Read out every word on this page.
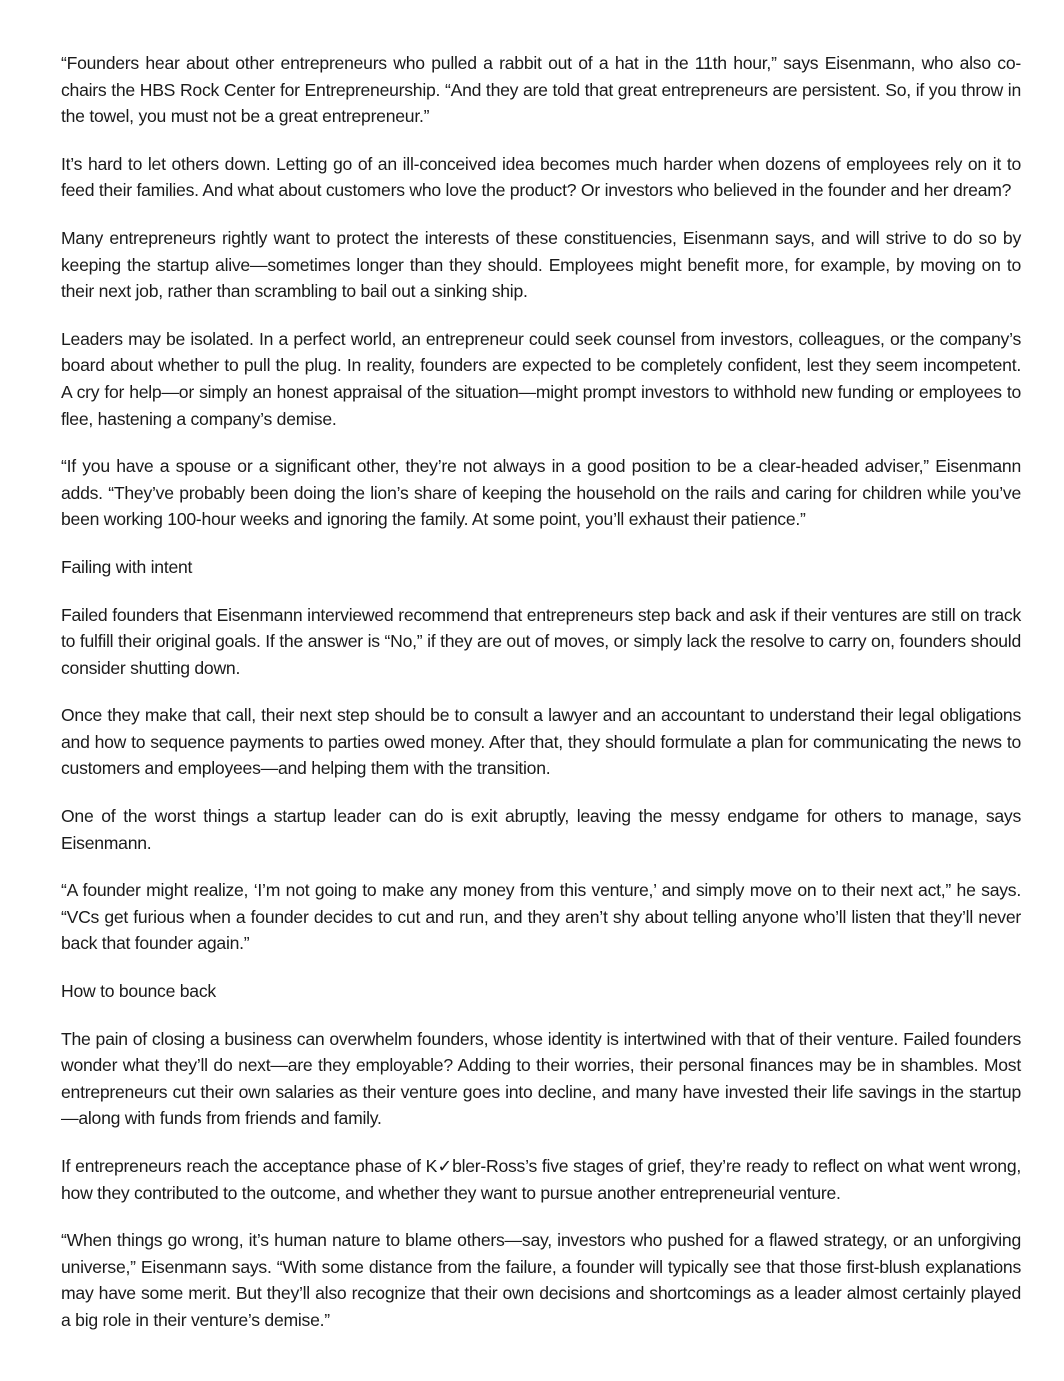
“Founders hear about other entrepreneurs who pulled a rabbit out of a hat in the 11th hour,” says Eisenmann, who also co-chairs the HBS Rock Center for Entrepreneurship. “And they are told that great entrepreneurs are persistent. So, if you throw in the towel, you must not be a great entrepreneur.”

It’s hard to let others down. Letting go of an ill-conceived idea becomes much harder when dozens of employees rely on it to feed their families. And what about customers who love the product? Or investors who believed in the founder and her dream?

Many entrepreneurs rightly want to protect the interests of these constituencies, Eisenmann says, and will strive to do so by keeping the startup alive—sometimes longer than they should. Employees might benefit more, for example, by moving on to their next job, rather than scrambling to bail out a sinking ship.

Leaders may be isolated. In a perfect world, an entrepreneur could seek counsel from investors, colleagues, or the company’s board about whether to pull the plug. In reality, founders are expected to be completely confident, lest they seem incompetent. A cry for help—or simply an honest appraisal of the situation—might prompt investors to withhold new funding or employees to flee, hastening a company’s demise.

“If you have a spouse or a significant other, they’re not always in a good position to be a clear-headed adviser,” Eisenmann adds. “They’ve probably been doing the lion’s share of keeping the household on the rails and caring for children while you’ve been working 100-hour weeks and ignoring the family. At some point, you’ll exhaust their patience.”

Failing with intent

Failed founders that Eisenmann interviewed recommend that entrepreneurs step back and ask if their ventures are still on track to fulfill their original goals. If the answer is “No,” if they are out of moves, or simply lack the resolve to carry on, founders should consider shutting down.

Once they make that call, their next step should be to consult a lawyer and an accountant to understand their legal obligations and how to sequence payments to parties owed money. After that, they should formulate a plan for communicating the news to customers and employees—and helping them with the transition.

One of the worst things a startup leader can do is exit abruptly, leaving the messy endgame for others to manage, says Eisenmann.

“A founder might realize, ‘I’m not going to make any money from this venture,’ and simply move on to their next act,” he says. “VCs get furious when a founder decides to cut and run, and they aren’t shy about telling anyone who’ll listen that they’ll never back that founder again.”

How to bounce back

The pain of closing a business can overwhelm founders, whose identity is intertwined with that of their venture. Failed founders wonder what they’ll do next—are they employable? Adding to their worries, their personal finances may be in shambles. Most entrepreneurs cut their own salaries as their venture goes into decline, and many have invested their life savings in the startup—along with funds from friends and family.

If entrepreneurs reach the acceptance phase of K✓bler-Ross’s five stages of grief, they’re ready to reflect on what went wrong, how they contributed to the outcome, and whether they want to pursue another entrepreneurial venture.

“When things go wrong, it’s human nature to blame others—say, investors who pushed for a flawed strategy, or an unforgiving universe,” Eisenmann says. “With some distance from the failure, a founder will typically see that those first-blush explanations may have some merit. But they’ll also recognize that their own decisions and shortcomings as a leader almost certainly played a big role in their venture’s demise.”
